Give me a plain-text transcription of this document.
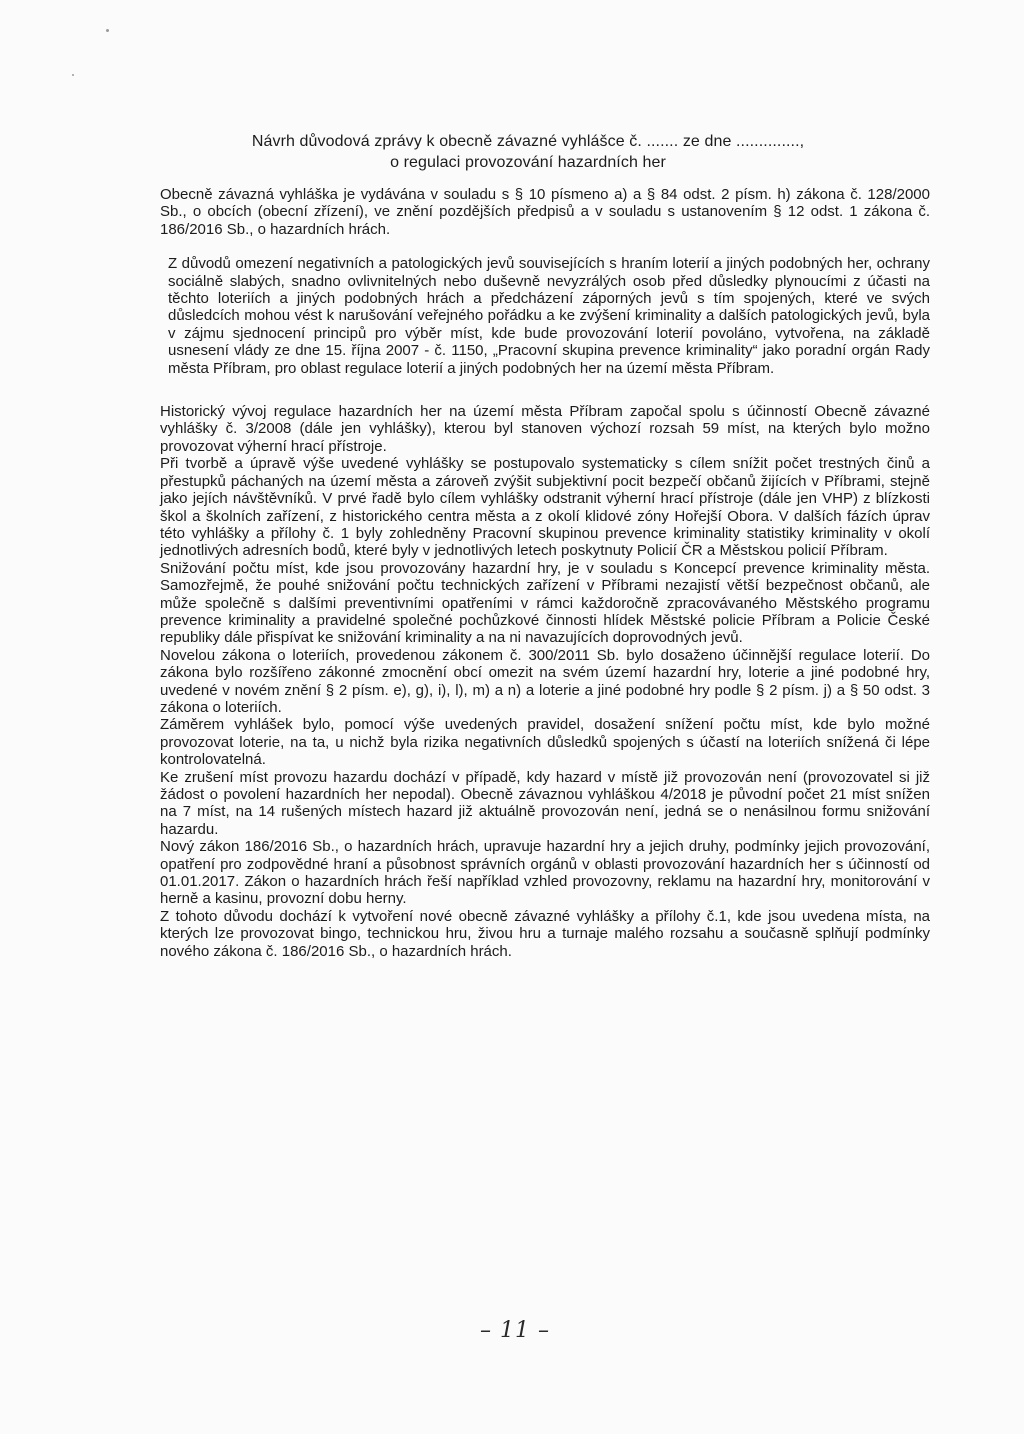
Návrh důvodová zprávy k obecně závazné vyhlášce č. ....... ze dne ..............,
o regulaci provozování hazardních her

Obecně závazná vyhláška je vydávána v souladu s § 10 písmeno a) a § 84 odst. 2 písm. h) zákona č. 128/2000 Sb., o obcích (obecní zřízení), ve znění pozdějších předpisů a v souladu s ustanovením § 12 odst. 1 zákona č. 186/2016 Sb., o hazardních hrách.

Z důvodů omezení negativních a patologických jevů souvisejících s hraním loterií a jiných podobných her, ochrany sociálně slabých, snadno ovlivnitelných nebo duševně nevyzrálých osob před důsledky plynoucími z účasti na těchto loteriích a jiných podobných hrách a předcházení záporných jevů s tím spojených, které ve svých důsledcích mohou vést k narušování veřejného pořádku a ke zvýšení kriminality a dalších patologických jevů, byla v zájmu sjednocení principů pro výběr míst, kde bude provozování loterií povoláno, vytvořena, na základě usnesení vlády ze dne 15. října 2007 - č. 1150, „Pracovní skupina prevence kriminality“ jako poradní orgán Rady města Příbram, pro oblast regulace loterií a jiných podobných her na území města Příbram.

Historický vývoj regulace hazardních her na území města Příbram započal spolu s účinností Obecně závazné vyhlášky č. 3/2008 (dále jen vyhlášky), kterou byl stanoven výchozí rozsah 59 míst, na kterých bylo možno provozovat výherní hrací přístroje.

Při tvorbě a úpravě výše uvedené vyhlášky se postupovalo systematicky s cílem snížit počet trestných činů a přestupků páchaných na území města a zároveň zvýšit subjektivní pocit bezpečí občanů žijících v Příbrami, stejně jako jejích návštěvníků. V prvé řadě bylo cílem vyhlášky odstranit výherní hrací přístroje (dále jen VHP) z blízkosti škol a školních zařízení, z historického centra města a z okolí klidové zóny Hořejší Obora. V dalších fázích úprav této vyhlášky a přílohy č. 1 byly zohledněny Pracovní skupinou prevence kriminality statistiky kriminality v okolí jednotlivých adresních bodů, které byly v jednotlivých letech poskytnuty Policií ČR a Městskou policií Příbram.

Snižování počtu míst, kde jsou provozovány hazardní hry, je v souladu s Koncepcí prevence kriminality města. Samozřejmě, že pouhé snižování počtu technických zařízení v Příbrami nezajistí větší bezpečnost občanů, ale může společně s dalšími preventivními opatřeními v rámci každoročně zpracovávaného Městského programu prevence kriminality a pravidelné společné pochůzkové činnosti hlídek Městské policie Příbram a Policie České republiky dále přispívat ke snižování kriminality a na ni navazujících doprovodných jevů.

Novelou zákona o loteriích, provedenou zákonem č. 300/2011 Sb. bylo dosaženo účinnější regulace loterií. Do zákona bylo rozšířeno zákonné zmocnění obcí omezit na svém území hazardní hry, loterie a jiné podobné hry, uvedené v novém znění § 2 písm. e), g), i), l), m) a n) a loterie a jiné podobné hry podle § 2 písm. j) a § 50 odst. 3 zákona o loteriích.

Záměrem vyhlášek bylo, pomocí výše uvedených pravidel, dosažení snížení počtu míst, kde bylo možné provozovat loterie, na ta, u nichž byla rizika negativních důsledků spojených s účastí na loteriích snížená či lépe kontrolovatelná.

Ke zrušení míst provozu hazardu dochází v případě, kdy hazard v místě již provozován není (provozovatel si již žádost o povolení hazardních her nepodal). Obecně závaznou vyhláškou 4/2018 je původní počet 21 míst snížen na 7 míst, na 14 rušených místech hazard již aktuálně provozován není, jedná se o nenásilnou formu snižování hazardu.

Nový zákon 186/2016 Sb., o hazardních hrách, upravuje hazardní hry a jejich druhy, podmínky jejich provozování, opatření pro zodpovědné hraní a působnost správních orgánů v oblasti provozování hazardních her s účinností od 01.01.2017. Zákon o hazardních hrách řeší například vzhled provozovny, reklamu na hazardní hry, monitorování v herně a kasinu, provozní dobu herny.

Z tohoto důvodu dochází k vytvoření nové obecně závazné vyhlášky a přílohy č.1, kde jsou uvedena místa, na kterých lze provozovat bingo, technickou hru, živou hru a turnaje malého rozsahu a současně splňují podmínky nového zákona č. 186/2016 Sb., o hazardních hrách.

– 11 –
